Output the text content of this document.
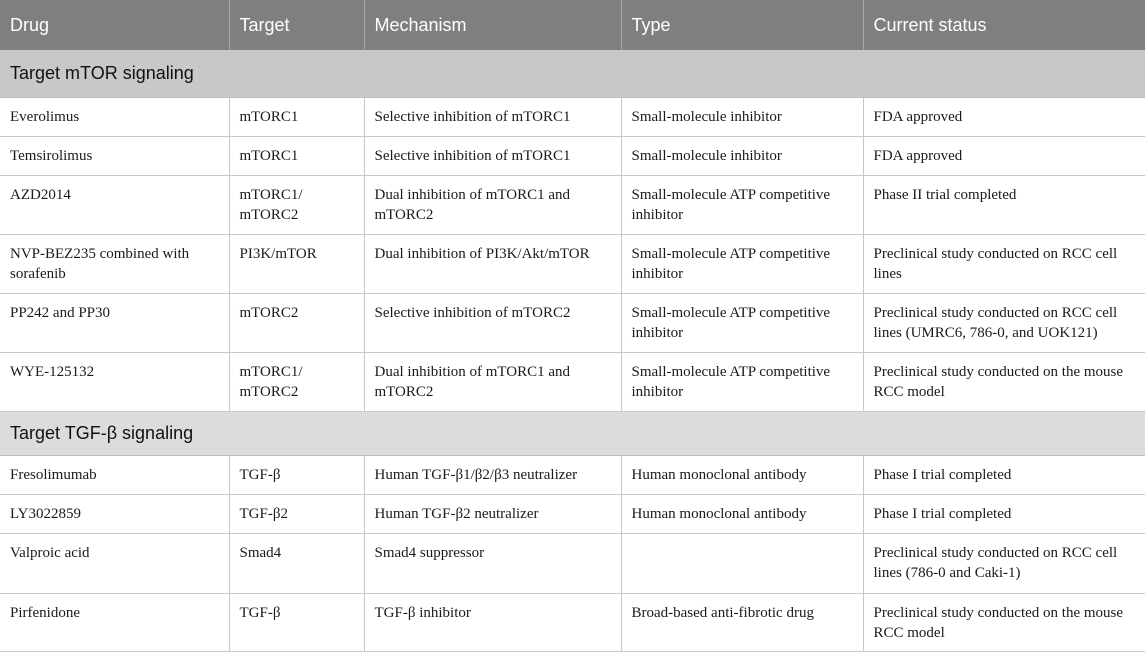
Drug	Target	Mechanism	Type	Current status
Target mTOR signaling				
Everolimus	mTORC1	Selective inhibition of mTORC1	Small-molecule inhibitor	FDA approved
Temsirolimus	mTORC1	Selective inhibition of mTORC1	Small-molecule inhibitor	FDA approved
AZD2014	mTORC1/ mTORC2	Dual inhibition of mTORC1 and mTORC2	Small-molecule ATP competitive inhibitor	Phase II trial completed
NVP-BEZ235 combined with sorafenib	PI3K/mTOR	Dual inhibition of PI3K/Akt/mTOR	Small-molecule ATP competitive inhibitor	Preclinical study conducted on RCC cell lines
PP242 and PP30	mTORC2	Selective inhibition of mTORC2	Small-molecule ATP competitive inhibitor	Preclinical study conducted on RCC cell lines (UMRC6, 786-0, and UOK121)
WYE-125132	mTORC1/ mTORC2	Dual inhibition of mTORC1 and mTORC2	Small-molecule ATP competitive inhibitor	Preclinical study conducted on the mouse RCC model
Target TGF-β signaling				
Fresolimumab	TGF-β	Human TGF-β1/β2/β3 neutralizer	Human monoclonal antibody	Phase I trial completed
LY3022859	TGF-β2	Human TGF-β2 neutralizer	Human monoclonal antibody	Phase I trial completed
Valproic acid	Smad4	Smad4 suppressor		Preclinical study conducted on RCC cell lines (786-0 and Caki-1)
Pirfenidone	TGF-β	TGF-β inhibitor	Broad-based anti-fibrotic drug	Preclinical study conducted on the mouse RCC model
